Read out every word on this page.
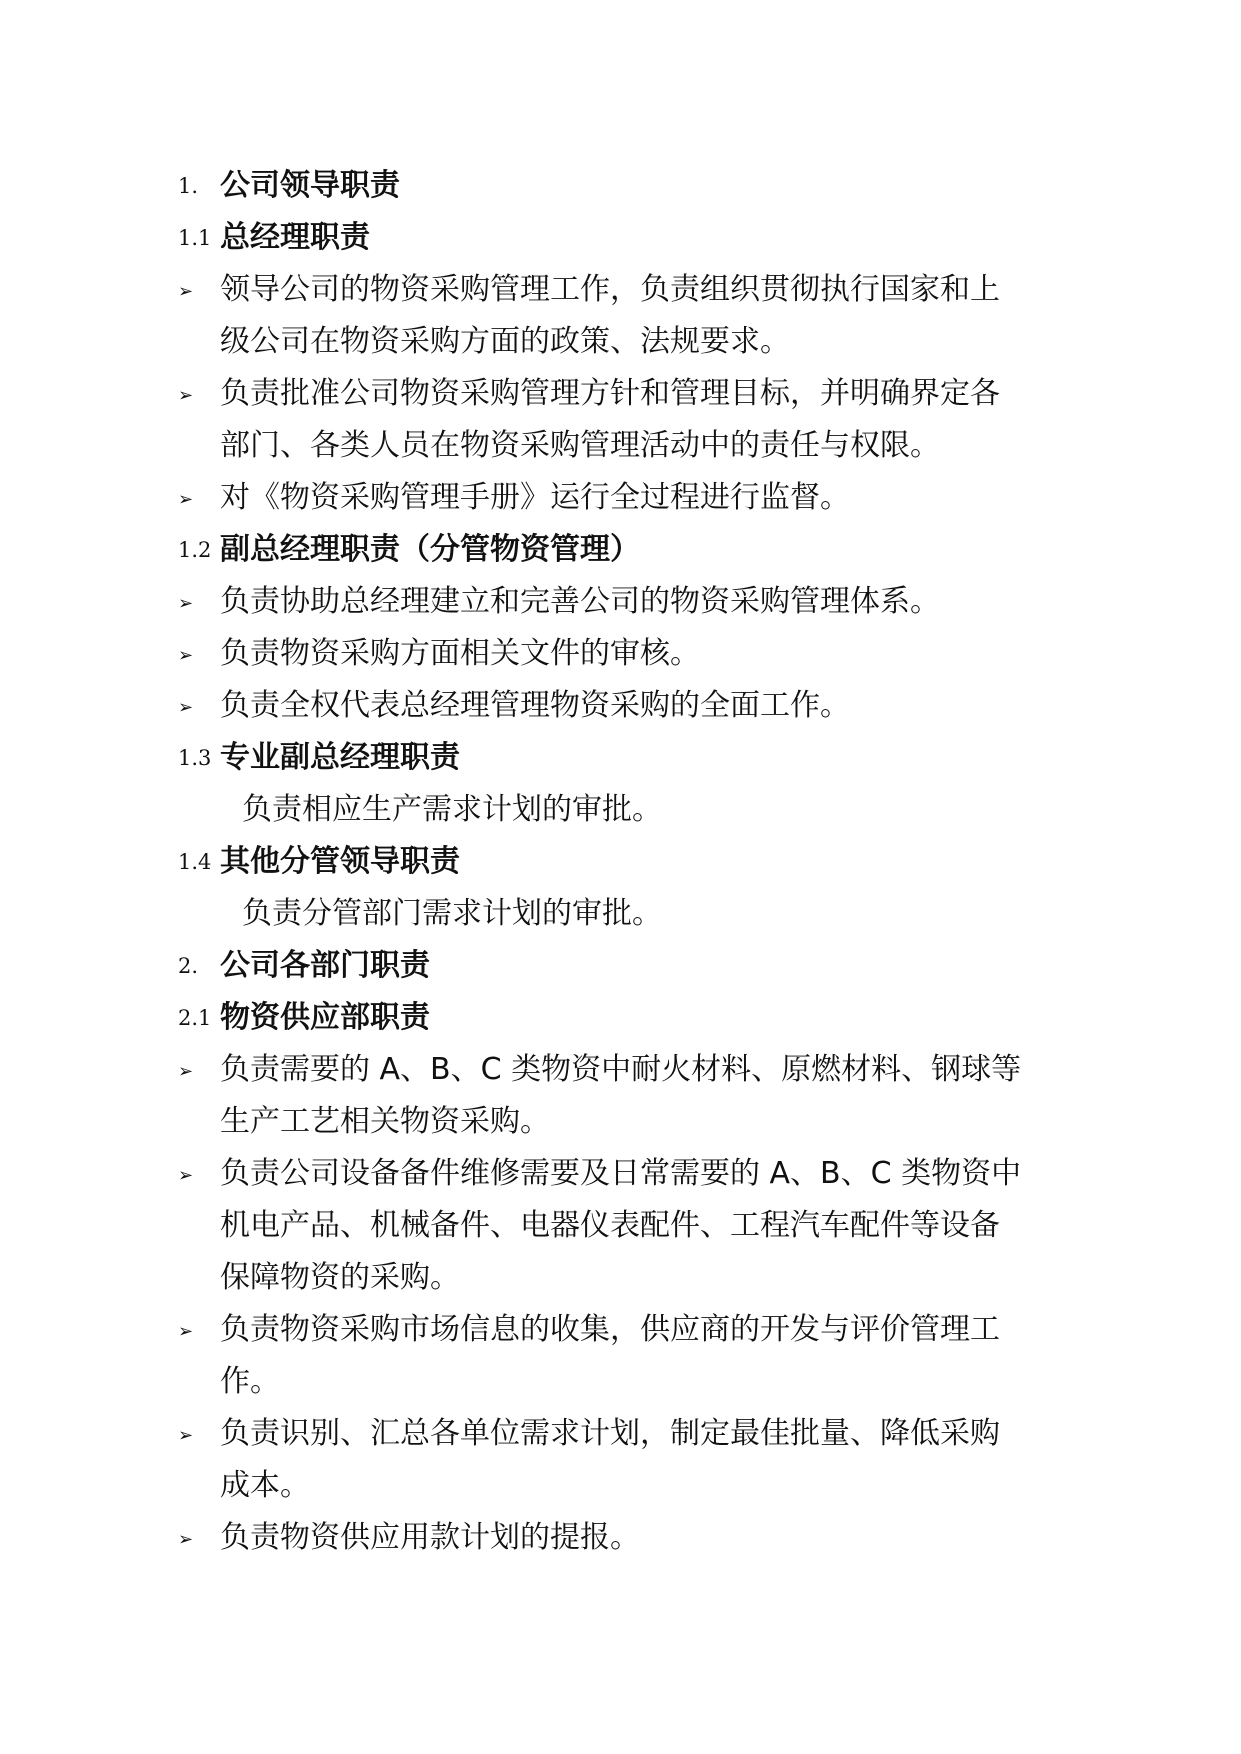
1. 公司领导职责
1.1 总经理职责
➢ 领导公司的物资采购管理工作，负责组织贯彻执行国家和上
级公司在物资采购方面的政策、法规要求。
➢ 负责批准公司物资采购管理方针和管理目标，并明确界定各
部门、各类人员在物资采购管理活动中的责任与权限。
➢ 对《物资采购管理手册》运行全过程进行监督。
1.2 副总经理职责（分管物资管理）
➢ 负责协助总经理建立和完善公司的物资采购管理体系。
➢ 负责物资采购方面相关文件的审核。
➢ 负责全权代表总经理管理物资采购的全面工作。
1.3 专业副总经理职责
负责相应生产需求计划的审批。
1.4 其他分管领导职责
负责分管部门需求计划的审批。
2. 公司各部门职责
2.1 物资供应部职责
➢ 负责需要的 A、B、C 类物资中耐火材料、原燃材料、钢球等
生产工艺相关物资采购。
➢ 负责公司设备备件维修需要及日常需要的 A、B、C 类物资中
机电产品、机械备件、电器仪表配件、工程汽车配件等设备
保障物资的采购。
➢ 负责物资采购市场信息的收集，供应商的开发与评价管理工
作。
➢ 负责识别、汇总各单位需求计划，制定最佳批量、降低采购
成本。
➢ 负责物资供应用款计划的提报。
